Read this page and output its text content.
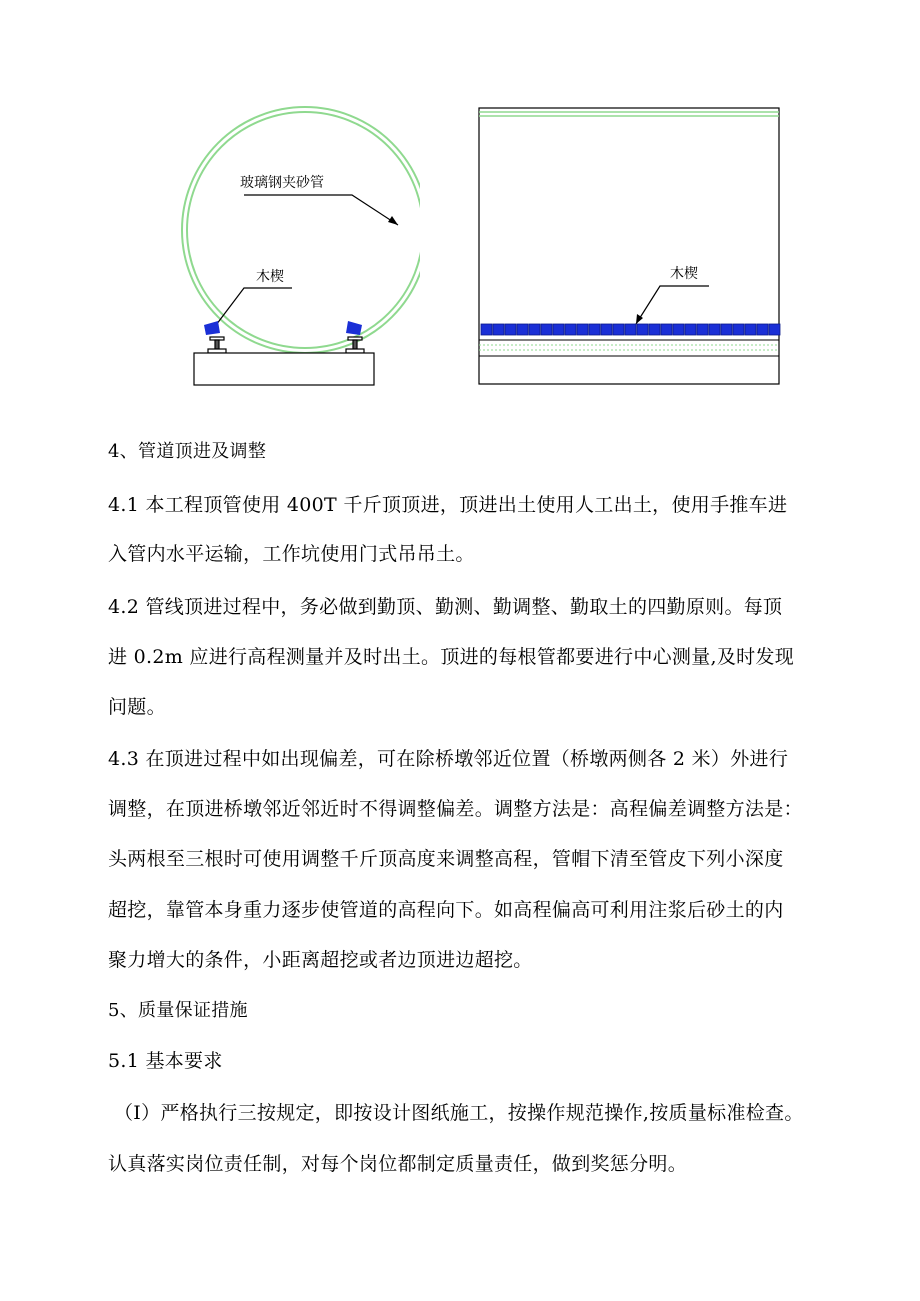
玻璃钢夹砂管
木楔	木楔
4、管道顶进及调整
4.1 本工程顶管使用 400T 千斤顶顶进，顶进出土使用人工出土，使用手推车进
入管内水平运输，工作坑使用门式吊吊土。
4.2 管线顶进过程中，务必做到勤顶、勤测、勤调整、勤取土的四勤原则。每顶
进 0.2m 应进行高程测量并及时出土。顶进的每根管都要进行中心测量,及时发现
问题。
4.3 在顶进过程中如出现偏差，可在除桥墩邻近位置（桥墩两侧各 2 米）外进行
调整，在顶进桥墩邻近邻近时不得调整偏差。调整方法是：高程偏差调整方法是：
头两根至三根时可使用调整千斤顶高度来调整高程，管帽下清至管皮下列小深度
超挖，靠管本身重力逐步使管道的高程向下。如高程偏高可利用注浆后砂土的内
聚力增大的条件，小距离超挖或者边顶进边超挖。
5、质量保证措施
5.1 基本要求
（I）严格执行三按规定，即按设计图纸施工，按操作规范操作,按质量标准检查。
认真落实岗位责任制，对每个岗位都制定质量责任，做到奖惩分明。
